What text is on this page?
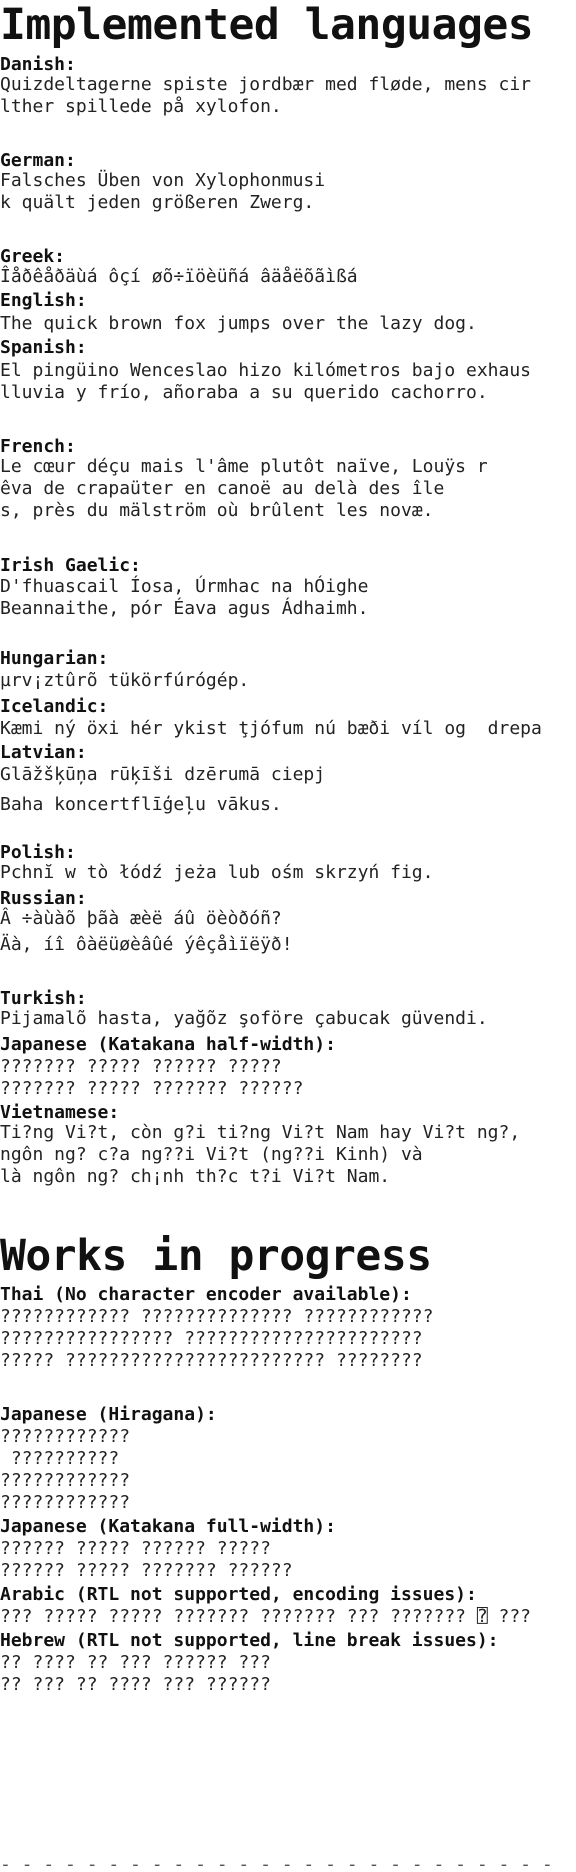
Implemented languages
Danish:
Quizdeltagerne spiste jordbær med fløde, mens cir
lther spillede på xylofon.
German:
Falsches Üben von Xylophonmusi
k quält jeden größeren Zwerg.
Greek:
Îåðêåðäùá ôçí øõ÷ïöèüñá âäåëõãìßá
English:
The quick brown fox jumps over the lazy dog.
Spanish:
El pingüino Wenceslao hizo kilómetros bajo exhaus
lluvia y frío, añoraba a su querido cachorro.
French:
Le cœur déçu mais l'âme plutôt naïve, Louÿs r
êva de crapaüter en canoë au delà des île
s, près du mälström où brûlent les novæ.
Irish Gaelic:
D'fhuascail Íosa, Úrmhac na hÓighe
Beannaithe, pór Éava agus Ádhaimh.
Hungarian:
µrv¡ztûrõ tükörfúrógép.
Icelandic:
Kæmi ný öxi hér ykist ţjófum nú bæði víl og  drepa
Latvian:
Glāžšķūņa rūķīši dzērumā ciepj
Baha koncertflīģeļu vākus.
Polish:
Pchnĭ w tò łódź jeża lub ośm skrzyń fig.
Russian:
Â ÷àùàõ þãà æèë áû öèòðóñ?
Äà, íî ôàëüøèâûé ýêçåìïëÿð!
Turkish:
Pijamalõ hasta, yağõz şoföre çabucak güvendi.
Japanese (Katakana half-width):
??????? ????? ?????? ?????
??????? ????? ??????? ??????
Vietnamese:
Ti?ng Vi?t, còn g?i ti?ng Vi?t Nam hay Vi?t ng?,
ngôn ng? c?a ng??i Vi?t (ng??i Kinh) và
là ngôn ng? ch¡nh th?c t?i Vi?t Nam.
Works in progress
Thai (No character encoder available):
???????????? ?????????????? ????????????
???????????????? ??????????????????????
????? ???????????????????????? ????????
Japanese (Hiragana):
????????????
??????????
????????????
????????????
Japanese (Katakana full-width):
?????? ????? ?????? ?????
?????? ????? ??????? ??????
Arabic (RTL not supported, encoding issues):
??? ????? ????? ??????? ??????? ??? ??????? ⍰ ???
Hebrew (RTL not supported, line break issues):
?? ???? ?? ??? ?????? ???
?? ??? ?? ???? ??? ??????
- - - - - - - - - - - - - - - - - - - - - - - - - -
